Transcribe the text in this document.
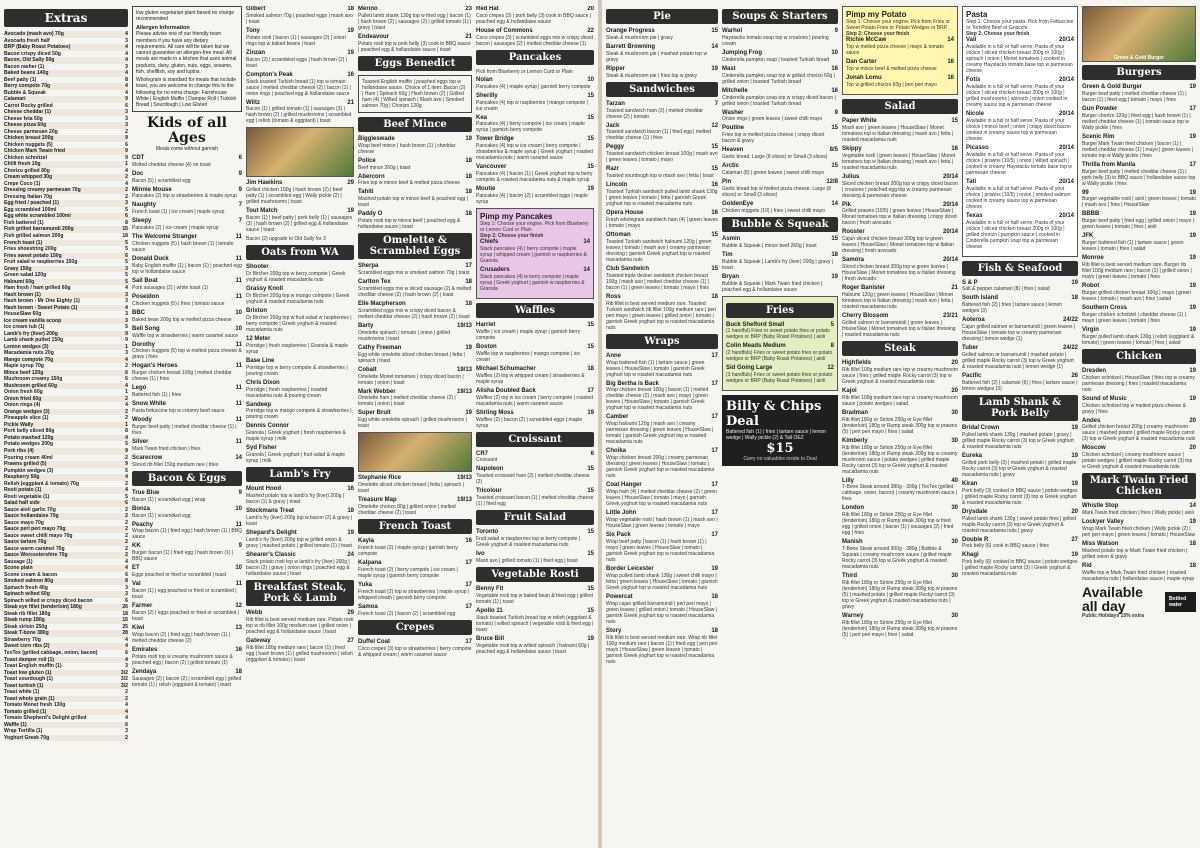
Extras
Avocado (mash avo) 70g	4
Avocado fresh half	3
BRP (Baby Roast Potatoes)	4
Bacon crispy diced 50g	4
Bacon, Old Sally 50g	4
Bacon rasher (1)	3
Baked beans 140g	4
Beef patty (1)	8
Berry compote 70g	4
Bubble & Squeak	4
Calamari	9
Carrot Rocky grilled	6
Cheese cheddar (1)	3
Cheese feta 50g	3
Cheese pizza 60g	3
Cheese parmesan 20g	2
Chicken breast 200g	9
Chicken nuggets (5)	6
Chicken Mark Twain fried	9
Chicken schnitzel	9
Chilli fresh 10g	1
Chorizo grilled 80g	4
Cream whipped 30g	2
Crepe Coco (1)	4
Dressing creamy parmesan 70g	2
Dressing Italian 70g	2
Egg fried / poached (1)	3
Egg scrambled 100ml	5
Egg white scrambled 100ml	6
Fish battered (1)	8
Fish grilled barramundi 200g	15
Fish grilled salmon 200g	18
French toast (1)	5
Fries shoestring 200g	5
Fries sweet potato 150g	6
Fruit salad w raspberries 150g	5
Gravy 150g	3
Green salad 120g	5
Haloumi 60g	5
Ham fresh / ham grilled 60g	4
Hash brown (1)	3
Hash brown - Mr One Eighty (1)	3
Hash brown - Sweet Potato (1)	4
HouseSlaw 60g	3
Ice cream vanilla scoop	3
Ice cream tub (1)	5
Lamb's fry (liver) 200g	9
Lamb shank pulled 150g	9
Lemon wedges (3)	1
Macadamia nuts 20g	3
Mango compote 70g	4
Maple syrup 70g	2
Mince beef 120g	6
Mushroom creamy 150g	6
Mushroom grilled 60g	4
Onion fresh 60g	1
Onion fried 60g	2
Onion rings (4)	4
Orange wedges (3)	2
Pineapple slice (1)	2
Pickle Wally	1
Pork belly sliced 80g	8
Potato mashed 120g	4
Potato wedges 200g	5
Pork ribs (4)	9
Pouring cream 40ml	2
Prawns grilled (5)	9
Pumpkin wedges (3)	5
Raspberry 50g	4
Relish (eggplant & tomato) 70g	2
Rosti potato (1)	4
Rosti vegetable (1)	5
Salad half side	6
Sauce aioli garlic 70g	2
Sauce hollandaise 70g	2
Sauce mayo 70g	2
Sauce peri peri mayo 70g	2
Sauce sweet chilli mayo 70g	2
Sauce tartare 70g	2
Sauce warm caramel 70g	2
Sauce Worcestershire 70g	2
Sausage (1)	4
Scone plain	4
Scone cream & bacon	6
Smoked salmon 80g	8
Spinach fresh 40g	3
Spinach wilted 60g	3
Spinach wilted w crispy diced bacon	6
Steak eye fillet (tenderloin) 180g	26
Steak rib fillet 180g	18
Steak rump 180g	15
Steak sirloin 250g	25
Steak T-bone 380g	28
Strawberry 70g	4
Sweet corn ribs (2)	4
TexTex (grilled cabbage, onion, bacon)	6
Toast damper roll (1)	4
Toast English muffin (1)	3
Toast low gluten (1)	3/2
Toast sourdough (1)	3/2
Toast turkish (1)	3/2
Toast white (1)	2
Toast whole grain (1)	2
Tomato Monet fresh 130g	4
Tomato grilled (1)	4
Tomato Shepherd's Delight grilled	4
Waffle (1)	6
Wrap Tortilla (1)	3
Yoghurt Greek 70g	2
low gluten vegetarian plant based no charge recommended
Allergen Information
Please advise one of our friendly team members if you have any dietary requirements. All care will be taken but we cannot guarantee an allergen-free meal. All meals are made in a kitchen that uses animal products, dairy, gluten, nuts, eggs, sesame, fish, shellfish, soy and lupins.
Wholegrain is standard for meals that include toast, you are welcome to change this to the following for no extra charge: Farmhouse White | English Muffin | Damper Roll | Turkish Bread | Sourdough | Low Gluten
Kids of all Ages
Meals come without garnish
CDT	6
Molted cheddar cheese (4) on toast
Doc	9
Bacon (5) | scrambled egg
Minnie Mouse	9
Pancakes (2) top w strawberries & maple syrup
Naughty	7
French toast (1) | ice cream | maple syrup
Sleepy	7
Pancakes (2) | ice cream | maple syrup
The Welcome Stranger	11
Chicken nuggets (5) | hash brown (1) | tomato sauce
Donald Duck	11
Baby English muffin (1) | bacon (1) | poached egg top w hollandaise sauce
Sail Boat	11
Pork sausages (2) | white toast (1)
Poseidon	11
Chicken nuggets (5) | fries | tomato sauce
BBC	10
Baked bean 200g top w melted pizza cheese
Bell Song	10
Waffle top w strawberries | warm caramel sauce
Dorothy	11
Chicken nuggets (5) top w melted pizza cheese & gravy | fries
Hogan's Heroes	11
Burger chicken breast 100g | melted cheddar cheese (1) | fries
Lego	11
Battered fish (1) | fries
Snow White	11
Pasta fettuccine top w creamy beef sauce
Woody	11
Burger beef patty | melted cheddar cheese (1) | fries
Silver	11
Mark Twain fried chicken | fries
Scarecrow	14
Sliced rib fillet 150g medium rare | fries
Bacon & Eggs
True Blue	9
Bacon (1) | scrambled egg | wrap
Bonza	10
Bacon (1) | scrambled egg
Peachy	11
Wrap bacon (1) | fried egg | hash brown (1) | BBQ sauce
KK	9
Burger bacon (1) | fried egg | hash brown (1) | BBQ sauce
ET	10
Eggs poached or fried or scrambled | toast
Val	11
Bacon (1) | egg poached or fried or scrambled | toast
Farmer	12
Bacon (2) | eggs poached or fried or scrambled | toast
Kiwi	13
Wrap bacon (2) | fried egg | hash brown (1) | melted cheddar cheese (2)
Emirates	16
Potato rosti top w creamy mushroom sauce & poached egg | bacon (2) | grilled tomato (1)
Zendaya	18
Sausages (2) | bacon (2) | scrambled egg | grilled tomato (1) | relish (eggplant & tomato) | toast
Gilbert	18
Smoked salmon 70g | poached eggs | mash avo | toast
Tony	19
Potato rosti | bacon (1) | sausages (2) | onion rings top w baked beans | toast
Zinzan	19
Bacon (2) | scrambled eggs | hash brown (2) | toast
Compton's Peak	16
Stack toasted Turkish bread (1) top w tomato sauce | melted cheddar cheese (2) | bacon (1) | onion rings | poached egg & hollandaise sauce
Wiltz	21
Bacon (1) | grilled tomato (1) | sausages (3) | hash brown (2) | grilled mushrooms | scrambled egg | relish (tomato & eggplant) | toast
Jim Hawkins	29
Grilled chicken 100g | hash brown (2) | beef patty (1) | scrambled egg | Wally pickle (2) | grilled mushrooms | toast
Tout Match	19
Bacon (1) | beef patty | pork belly (1) | sausages (3) | hash brown (2) | grilled egg & hollandaise sauce | toast
Bacon (2) upgrade to Old Sally for 3
Oats from WA
Shooter
Dr Bircher 200g top w berry compote | Greek yoghurt & roasted macadamia nuts
Grassy Knoll
Dr Bircher 200g top w mango compote | Greek yoghurt & roasted macadamia nuts
Brixton
Dr Bircher 200g top w fruit salad w raspberries | berry compote | Greek yoghurt & roasted macadamia nuts
12 Meter
Porridge | fresh raspberries | Granola & maple syrup
Base Line
Porridge top w berry compote & strawberries | pouring cream
Chris Dixon
Porridge | fresh raspberries | roasted macadamia nuts & pouring cream
Sandeep
Porridge top w mango compote & strawberries | pouring cream
Dennis Connor
Granola | Greek yoghurt | fresh raspberries & maple syrup | milk
Syd Fisher
Granola | Greek yoghurt | fruit salad & maple syrup | milk
Lamb's Fry
Mount Hood	16
Mashed potato top w lamb's fry (liver) 200g | bacon (1) & gravy | toast
Stockmans Treat	18
Lamb's fry (liver) 200g top w bacon (2) & gravy | toast
Shepard's Delight	19
Lamb's fry (liver) 200g top w grilled onion & gravy | mashed potato | grilled tomato (1) | toast
Shearer's Classic	24
Stack potato rosti top w lamb's fry (liver) 200g | bacon (2) | gravy | onion rings | poached egg & hollandaise sauce | toast
Breakfast Steak, Pork & Lamb
Webb	29
Rib fillet is best served medium rare. Potato rosti top w rib fillet 100g medium rare | grilled onion | poached egg & hollandaise sauce | toast
Gateway	27
Rib fillet 180g medium rare | bacon (1) | fried egg | hash brown (1) | grilled mushrooms | relish (eggplant & tomato) | toast
Merino	23
Pulled lamb shank 130g top w fried egg | bacon (1) | hash brown (2) | sausages (2) | grilled tomato (1) | gravy | toast
Endeavour	21
Potato rosti top w pork belly (3) cook in BBQ sauce | poached egg & hollandaise sauce | toast
Eggs Benedict
Toasted English muffin | poached eggs top w hollandaise sauce. Choice of 1 item: Bacon (2) | Ham | Spinach 60g | Hash brown (2) | Grilled ham (4) | Wilted spinach | Mash avo | Smoked salmon 70g | Chorizo 120g
Beef Mince
Biggleswade	19
Wrap beef mince | hash brown (1) | cheddar cheese
Police	18
Beef mince 260g | toast
Abercorn	18
Fries top w mince beef & melted pizza cheese
Tahiti	18
Mashed potato top w mince beef & poached egg | toast
Paddy O	18
Potato rosti top w mince beef | poached egg & hollandaise sauce | toast
Omelette & Scrambled Eggs
Sherpa	17
Scrambled eggs mix w smoked salmon 70g | toast
Carlton Tex	18
Scrambled eggs mix w sliced sausage (2) & melted cheddar cheese (2) | hash brown (2) | toast
Elle Macpherson	18
Scrambled eggs mix w crispy diced bacon & melted cheddar cheese (2) | hash brown (2) | toast
Barty	19/13
Omelette spinach | tomato | onion | grilled mushrooms | toast
Cathy Freeman	19
Egg white omelette sliced chicken breast | fetta | spinach | toast
Cobalt	19/13
Omelette Monet tomatoes | crispy diced bacon | tomato | onion | toast
Mark Webber	19/13
Omelette ham | melted cheddar cheese (2) | tomato | onion | toast
Super Bruit	19
Egg white omelette spinach | grilled mushrooms | toast
Stephanie Rice	19/13
Omelette sliced chicken breast | fetta | spinach | toast
Treasure Map	19/13
Omelette chorizo 80g | grilled onion | melted cheddar cheese (2) | toast
French Toast
Kayla	16
French toast (2) | maple syrup | garnish berry compote
Kalpana	17
French toast (2) | berry compote | ice cream | maple syrup | garnish berry compote
Yuka	17
French toast (2) top w strawberries | maple syrup | whipped cream | garnish berry compote
Samoa	17
French toast (2) | bacon (2) | scrambled egg
Crepes
Duffel Coat	17
Coco crepes (3) top w strawberries | berry compote & whipped cream | warm caramel sauce
Red Hat	20
Coco crepes (3) | pork belly (3) cook in BBQ sauce | poached egg & hollandaise sauce
House of Commons	22
Coco crepes (3) | scrambled eggs mix w crispy diced bacon | sausages (2) | melted cheddar cheese (1)
Pancakes
Pick from Blueberry or Lemon Curd or Plain
Nolan	10
Pancakes (4) | maple syrup | garnish berry compote
Sherilly	15
Pancakes (4) top w raspberries | mango compote | ice cream
Kea	15
Pancakes (4) | berry compote | ice cream | maple syrup | garnish berry compote
Tower Bridge	15
Pancakes (4) top w ice cream | berry compote | strawberries & maple syrup | Greek yoghurt | roasted macadamia nuts | warm caramel sauce
Vancouver	15
Pancakes (4) | bacon (1) | Greek yoghurt top w berry compote & roasted macadamia nuts & maple syrup
Moutie	19
Pancakes (4) | bacon (2) | scrambled eggs | maple syrup
Pimp my Pancakes
Step 1: Choose your engine. Pick from Blueberry or Lemon Curd or Plain
Step 2: Choose your finish
Chiefs	14
Stack pancakes (4) | berry compote | maple syrup | whipped cream | garnish w raspberries & Granola
Crusaders	14
Stack pancakes (4) w berry compote | maple syrup | Greek yoghurt | garnish w raspberries & Granola
Waffles
Harriet	15
Waffle | ice cream | maple syrup | garnish berry compote
Boston	15
Waffle top w raspberries | mango compote | ice cream
Michael Schumacher	18
Waffles (2) top w whipped cream | strawberries & maple syrup
Alisha Doubled Back	17
Waffles (2) top w ice cream | berry compote | roasted macadamia nuts | warm caramel sauce
Stirling Moss	19
Waffles (2) | bacon (2) | scrambled eggs | maple syrup
Croissant
CR7	6
Croissant
Napoleon	15
Toasted croissant ham (2) | melted cheddar cheese (2)
Tricolour	15
Toasted croissant bacon (1) | melted cheddar cheese (1) | fried egg
Fruit Salad
Toronto	15
Fruit salad w raspberries top w berry compote | Greek yoghurt & roasted macadamia nuts
Ivo	15
Mash avo | grilled tomato (1) | fried egg | toast
Vegetable Rosti
Benny Fit	15
Vegetable rosti top w baked bean & fried egg | grilled tomato (1) | toast
Apollo 11	15
Stack toasted Turkish bread top w relish (eggplant & tomato) | wilted spinach | vegetable rosti & fried egg | toast
Bruce Bill	19
Vegetable rosti top w wilted spinach | haloumi 60g | poached egg & hollandaise sauce | toast
Pie
Orange Progress	15
Steak & mushroom pie | gravy
Barrett Browning	14
Steak & mushroom pie | mashed potato top w gravy
Ripper	19
Steak & mushroom pie | fries top w gravy
Sandwiches
Tarzan	7
Toasted sandwich ham (2) | melted cheddar cheese (2) | tomato
Jack	12
Toasted sandwich bacon (1) | fried egg | melted cheddar cheese (1) | fries
Peggy	15
Toasted sandwich chicken breast 100g | mash avo | green leaves | tomato | mayo
Razr	15
Toasted sourdough top w mash avo | fetta | toast
Lincoln	16
Toasted Turkish sandwich pulled lamb shank 130g | green leaves | tomato | fetta | garnish Greek yoghurt top w roasted macadamia nuts
Opera House	16
Fresh wholegrain sandwich ham (4) | green leaves | tomato | mayo
Ottoman	15
Toasted Turkish sandwich haloumi 120g | green leaves | tomato | mash avo | creamy parmesan dressing | garnish Greek yoghurt top w roasted macadamia nuts
Club Sandwich	15
Toasted triple decker sandwich chicken breast 100g | mash avo | melted cheddar cheese (1) | bacon (1) | green leaves | tomato | mayo | fries
Ross	18
Rib fillet is best served medium rare. Toasted Turkish sandwich rib fillet 100g medium rare | peri peri mayo | green leaves | grilled onion | tomato | garnish Greek yoghurt top w roasted macadamia nuts
Wraps
Anne	17
Wrap battered fish (1) | tartare sauce | green leaves | HouseSlaw | tomato | garnish Greek yoghurt top w roasted macadamia nuts
Big Bertha is Back	17
Wrap chicken breast 100g | bacon (1) | melted cheddar cheese (2) | mash avo | mayo | green leaves | HouseSlaw | tomato | garnish Greek yoghurt top w roasted macadamia nuts
Camber	17
Wrap haloumi 120g | mash avo | creamy parmesan dressing | green leaves | HouseSlaw | tomato | garnish Greek yoghurt top w roasted macadamia nuts
Choika	17
Wrap chicken breast 200g | creamy parmesan dressing | green leaves | HouseSlaw | tomato | garnish Greek yoghurt top w roasted macadamia nuts
Coat Hanger	17
Wrap ham (4) | melted cheddar cheese (2) | green leaves | HouseSlaw | tomato | mayo | garnish Greek yoghurt top w roasted macadamia nuts
Little John	17
Wrap vegetable rosti | hash brown (1) | mash avo | HouseSlaw | green leaves | tomato | mayo
Six Pack	17
Wrap beef patty | bacon (1) | hash brown (1) | mayo | green leaves | HouseSlaw | tomato | garnish Greek yoghurt top w roasted macadamia nuts
Border Leicester	19
Wrap pulled lamb shank 130g | sweet chilli mayo | fetta | green leaves | HouseSlaw | tomato | garnish Greek yoghurt top w roasted macadamia nuts
Powercat	18
Wrap cajun grilled barramundi | peri peri mayo | green leaves | grilled onion | tomato | HouseSlaw | garnish Greek yoghurt top w roasted macadamia nuts
Story	18
Rib fillet is best served medium rare. Wrap rib fillet 100g medium rare | bacon (1) | fried egg | peri peri mayo | HouseSlaw | green leaves | tomato | garnish Greek yoghurt top w roasted macadamia nuts
Soups & Starters
Warhol	9
Haystacks tomato soup top w croutons | pouring cream
Jumping Frog	10
Cinderella pumpkin soup | toasted Turkish bread
Mast	16
Cinderella pumpkin soup top w grilled chorizo 60g | grilled onion | toasted Turkish bread
Mitchelle	16
Cinderella pumpkin soup top w crispy diced bacon | grilled onion | toasted Turkish bread
Washer	9
Onion rings | green leaves | sweet chilli mayo
Poutine	15
Fries top w melted pizza cheese | crispy diced bacon & gravy
Heaven	8/5
Garlic bread. Large (8 slices) or Small (3 slices)
Arctic	15
Calamari (8) | green leaves | sweet chilli mayo
Pin	12/8
Garlic bread top w melted pizza cheese. Large (8 slices) or Small (3 slices)
GoldenEye	14
Chicken nuggets (10) | fries | sweet chilli mayo
Bubble & Squeak
Asmin	15
Bubble & Squeak | mince beef 260g | toast
Tim	18
Bubble & Squeak | Lamb's fry (liver) 200g | gravy | toast
Bryan	19
Bubble & Squeak | Mark Twain fried chicken | poached egg & hollandaise sauce
Fries
Buck Shelford Small	5
(1 handful) Fries or sweet potato fries or potato wedges or BRP (Baby Roast Potatoes) | aioli
Colin Meads Medium	8
(2 handfuls) Fries or sweet potato fries or potato wedges or BRP (Baby Roast Potatoes) | aioli
Sid Going Large	12
(3 handfuls) Fries or sweet potato fries or potato wedges or BRP (Baby Roast Potatoes) | aioli
Billy & Chips Deal
Battered fish (1) | fries | tartare sauce | lemon wedge | Wally pickle (2) & Tall OEZ
$15
Carry no valuables inside to Deal
Pimp my Potato
Step 1: Choose your engine. Pick from Fries or Sweet Potato Fries or Potato Wedges or BRP
Step 2: Choose your finish
Richie McCaw	14
Top w melted pizza cheese | mayo & tomato sauce
Dan Carter	16
Top w mince beef & melted pizza cheese
Jonah Lomu	16
Top w grilled chorizo 60g | peri peri mayo
Salad
Paper White	15
Mash avo | green leaves | HouseSlaw | Monet tomatoes top w Italian dressing | mash avo | fetta | roasted macadamia nuts
Skippy	16
Vegetable rosti | green leaves | HouseSlaw | Monet tomatoes top w Italian dressing | mash avo | fetta | roasted macadamia nuts
Julius	20/14
Sliced chicken breast 200g top w crispy diced bacon | croutons | poached egg top w creamy parmesan dressing & parmesan cheese
Pik	20/14
Grilled prawns (10/5) | green leaves | HouseSlaw | Monet tomatoes top w Italian dressing | crispy diced bacon | fresh avocado
Rooster	20/14
Cajun sliced chicken breast 200g top w green leaves | HouseSlaw | Monet tomatoes top w Italian dressing | fresh avocado
Samora	20/14
Sliced chicken breast 200g top w green leaves | HouseSlaw | Monet tomatoes top w Italian dressing | fresh avocado
Roger Banister	21
Haloumi 120g | green leaves | HouseSlaw | Monet tomatoes top w Italian dressing | mash avo | fetta | roasted macadamia nuts
Cherry Blossom	23/21
Grilled salmon or barramundi | green leaves | HouseSlaw | Monet tomatoes top w Italian dressing | roasted macadamia nuts
Steak
Highfields	20
Rib fillet 100g medium rare top w creamy mushroom sauce | fries | grilled maple Rocky carrot (3) top w Greek yoghurt & roasted macadamia nuts
Kajol	20
Rib fillet 100g medium rare top w creamy mushroom sauce | potato wedges | salad
Bradman	30
Rib fillet 180g or Sirloin 250g or Eye fillet (tenderloin) 180g or Rump steak 300g top w prawns (5) | peri peri mayo | fries | salad
Kimberly	30
Rib fillet 180g or Sirloin 250g or Eye fillet (tenderloin) 180g or Rump steak 300g top w creamy mushroom sauce | potato wedges | grilled maple Rocky carrot (3) top w Greek yoghurt & roasted macadamia nuts
Lilly	40
T-Bone Steak around 380g - 300g | TexTex (grilled cabbage, onion, bacon) | creamy mushroom sauce | fries
London	30
Rib fillet 180g or Sirloin 250g or Eye fillet (tenderloin) 180g or Rump steak 300g top w fried egg | grilled onion | bacon (1) | sausages (2) | fried egg | fries
Manish	30
T-Bone Steak around 300g - 380g | Bubble & Squeak | creamy mushroom sauce | grilled maple Rocky carrot (3) top w Greek yoghurt & roasted macadamia nuts
Third	30
Rib fillet 180g or Sirloin 250g or Eye fillet (tenderloin) 180g or Rump steak 300g top w prawns (5) | mashed potato | grilled maple Rocky carrot (3) top w Greek yoghurt & roasted macadamia nuts | gravy
Warney	30
Rib fillet 180g or Sirloin 250g or Eye fillet (tenderloin) 180g or Rump steak 300g top w prawns (5) | peri peri mayo | fries | salad
Pasta
Step 1: Choose your pasta. Pick from Fettuccine or Tortellini Beef or Gnocchi
Step 2: Choose your finish
Vali	20/14
Available in a full or half serve. Pasta of your choice | sliced chicken breast 200g or 100g | spinach | onion | Monet tomatoes | cooked in creamy Haystacks tomato base top w parmesan cheese
Fotis	20/14
Available in a full or half serve. Pasta of your choice | sliced chicken breast 200g or 100g | grilled mushrooms | spinach | onion cooked in creamy sauce top w parmesan cheese
Nicole	20/14
Available in a full or half serve. Pasta of your choice | mince beef | onion | crispy diced bacon cooked in creamy sauce top w parmesan cheese
Picasso	20/14
Available in a full or half serve. Pasta of your choice | prawns (10/5) | onion | wilted spinach | cooked in creamy Haystacks tomato base top w parmesan cheese
Tati	20/14
Available in a full or half serve. Pasta of your choice | prawns (10/5) | onion | smoked salmon cooked in creamy sauce top w parmesan cheese
Texas	20/14
Available in a full or half serve. Pasta of your choice | sliced chicken breast 200g or 100g | grilled chorizo | pumpkin sauce | cooked in Cinderella pumpkin soup top w parmesan cheese
Fish & Seafood
S & P	19
Salt & pepper calamari (8) | fries | salad
South Island	18
Battered fish (2) | fries | tartare sauce | lemon wedges (3)
Aoteroa	24/22
Cajun grilled salmon or barramundi | green leaves | HouseSlaw | tomato top w creamy parmesan dressing | lemon wedge (1)
Tuber	24/22
Grilled salmon or barramundi | mashed potato | grilled maple Rocky carrot (3) top w Greek yoghurt & roasted macadamia nuts | lemon wedge (1)
Pacific	26
Battered fish (2) | calamari (6) | fries | tartare sauce | lemon wedges (3)
Lamb Shank & Pork Belly
Bridal Crown	19
Pulled lamb shank 130g | mashed potato | gravy | grilled maple Rocky carrot (3) top w Greek yoghurt & roasted macadamia nuts
Eureka	19
Grilled pork belly (3) | mashed potato | grilled maple Rocky carrot (3) top w Greek yoghurt & roasted macadamia nuts | gravy
Kiran	19
Pork belly (3) cooked in BBQ sauce | potato wedges | grilled maple Rocky carrot (3) top w Greek yoghurt & roasted macadamia nuts
Drysdale	20
Pulled lamb shank 130g | sweet potato fries | grilled maple Rocky carrot (3) top w Greek yoghurt & roasted macadamia nuts | gravy
Double R	27
Pork belly (6) cook in BBQ sauce | fries
Khagi	19
Pork belly (6) cooked in BBQ sauce | potato wedges | grilled maple Rocky carrot (3) | Greek yoghurt & roasted macadamia nuts
Green & Gold Burger
Burgers
Green & Gold Burger	19
Burger beef patty | melted cheddar cheese (1) | bacon (1) | fried egg | tomato | mayo | fries
Gun Powder	17
Burger chorizo 120g | fried egg | hash brown (1) | melted cheddar cheese (1) | tomato sauce top w Wally pickle | fries
Scenic Rim	19
Burger Mark Twain fried chicken | bacon (1) | melted cheddar cheese (1) | mayo | green leaves | tomato top w Wally pickle | fries
Thrilla from Manila	17
Burger beef patty | melted cheddar cheese (1) | pork belly (3) in BBQ sauce | hollandaise sauce top w Wally pickle | fries
99	19
Burger vegetable rosti | aioli | green leaves | tomato | mash avo | fries | HouseSlaw
BBBB	19
Burger beef patty | fried egg | grilled onion | mayo | green leaves | tomato | fries | aioli
JFK	19
Burger battered fish (1) | tartare sauce | green leaves | tomato | fries | salad
Monroe	19
Rib fillet is best served medium rare. Burger rib fillet 100g medium rare | bacon (1) | grilled onion | mayo | green leaves | tomato | fries
Robot	19
Burger grilled chicken breast 100g | mayo | green leaves | tomato | mash avo | fries | salad
Southern Cross	19
Burger chicken schnitzel | cheddar cheese (1) | mayo | green leaves | tomato | fries
Virgin	19
Burger pulled lamb shank 130g | relish (eggplant & tomato) | green leaves | tomato | fries | salad
Chicken
Dresden	19
Chicken schnitzel | HouseSlaw | fries top w creamy parmesan dressing | fries | roasted macadamia nuts
Sound of Music	19
Chicken schnitzel top w melted pizza cheese & gravy | fries
Andes	20
Grilled chicken breast 200g | creamy mushroom sauce | mashed potato | grilled maple Rocky carrot (3) top w Greek yoghurt & roasted macadamia nuts
Moscow	20
Chicken schnitzel | creamy mushroom sauce | potato wedges | grilled maple Rocky carrot (3) top w Greek yoghurt & roasted macadamia nuts
Mark Twain Fried Chicken
Whistle Stop	14
Mark Twain fried chicken | fries | Wally pickle | aioli
Lockyer Valley	19
Wrap Mark Twain fried chicken | Wally pickle (2) | peri peri mayo | green leaves | tomato | HouseSlaw
Miss Watson	18
Mashed potato top w Mark Twain fried chicken | grilled onion & gravy
Rid	18
Waffle top w Mark Twain fried chicken | roasted macadamia nuts | hollandaise sauce | maple syrup
Available all day
Public Holidays 15% extra
Bottled water
